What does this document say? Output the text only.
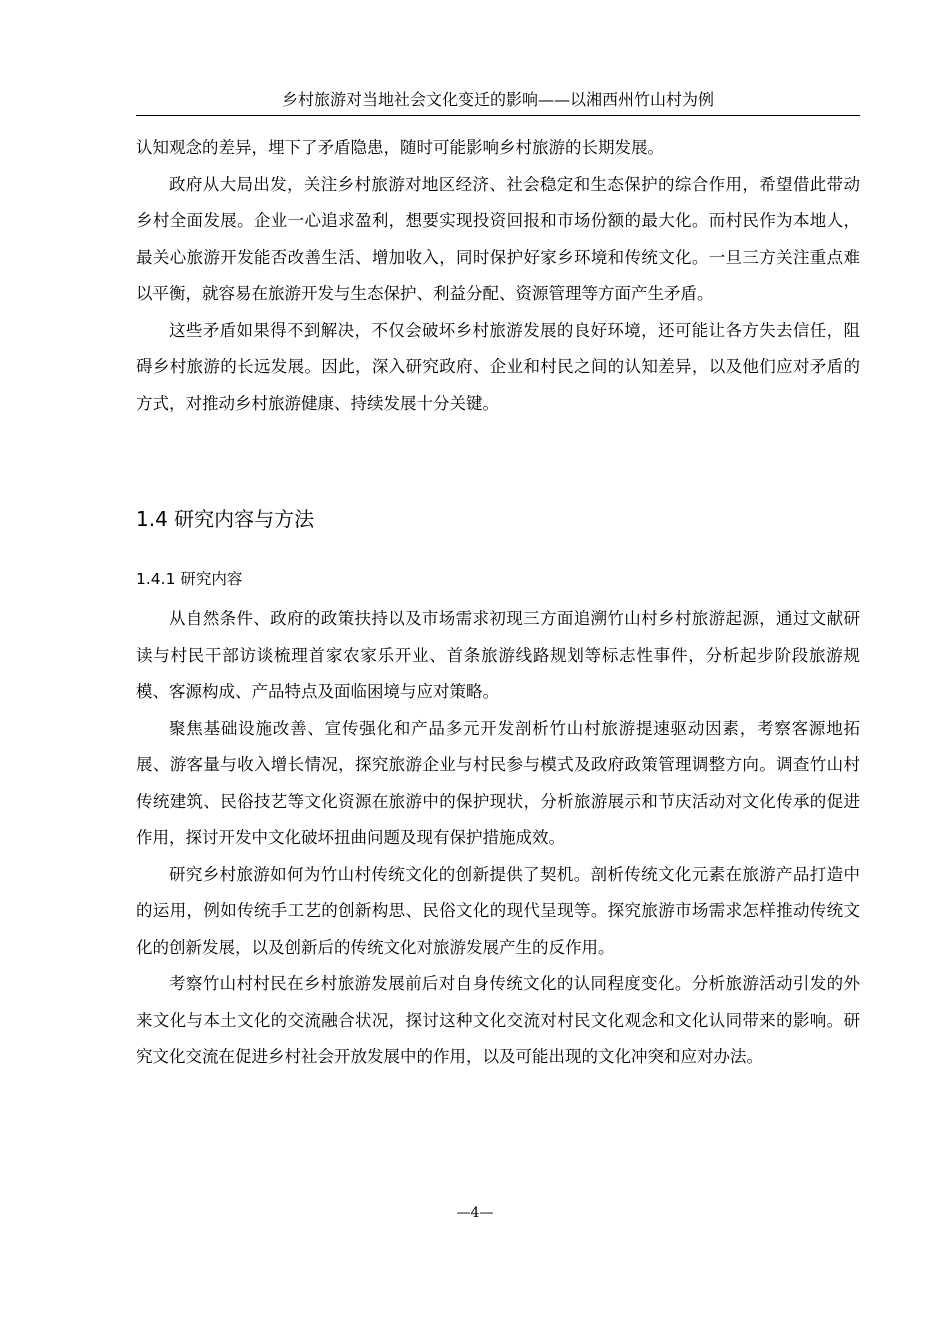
乡村旅游对当地社会文化变迁的影响——以湘西州竹山村为例

认知观念的差异，埋下了矛盾隐患，随时可能影响乡村旅游的长期发展。

政府从大局出发，关注乡村旅游对地区经济、社会稳定和生态保护的综合作用，希望借此带动乡村全面发展。企业一心追求盈利，想要实现投资回报和市场份额的最大化。而村民作为本地人，最关心旅游开发能否改善生活、增加收入，同时保护好家乡环境和传统文化。一旦三方关注重点难以平衡，就容易在旅游开发与生态保护、利益分配、资源管理等方面产生矛盾。

这些矛盾如果得不到解决，不仅会破坏乡村旅游发展的良好环境，还可能让各方失去信任，阻碍乡村旅游的长远发展。因此，深入研究政府、企业和村民之间的认知差异，以及他们应对矛盾的方式，对推动乡村旅游健康、持续发展十分关键。

1.4 研究内容与方法
1.4.1 研究内容

从自然条件、政府的政策扶持以及市场需求初现三方面追溯竹山村乡村旅游起源，通过文献研读与村民干部访谈梳理首家农家乐开业、首条旅游线路规划等标志性事件，分析起步阶段旅游规模、客源构成、产品特点及面临困境与应对策略。

聚焦基础设施改善、宣传强化和产品多元开发剖析竹山村旅游提速驱动因素，考察客源地拓展、游客量与收入增长情况，探究旅游企业与村民参与模式及政府政策管理调整方向。调查竹山村传统建筑、民俗技艺等文化资源在旅游中的保护现状，分析旅游展示和节庆活动对文化传承的促进作用，探讨开发中文化破坏扭曲问题及现有保护措施成效。

研究乡村旅游如何为竹山村传统文化的创新提供了契机。剖析传统文化元素在旅游产品打造中的运用，例如传统手工艺的创新构思、民俗文化的现代呈现等。探究旅游市场需求怎样推动传统文化的创新发展，以及创新后的传统文化对旅游发展产生的反作用。

考察竹山村村民在乡村旅游发展前后对自身传统文化的认同程度变化。分析旅游活动引发的外来文化与本土文化的交流融合状况，探讨这种文化交流对村民文化观念和文化认同带来的影响。研究文化交流在促进乡村社会开放发展中的作用，以及可能出现的文化冲突和应对办法。

—4—
